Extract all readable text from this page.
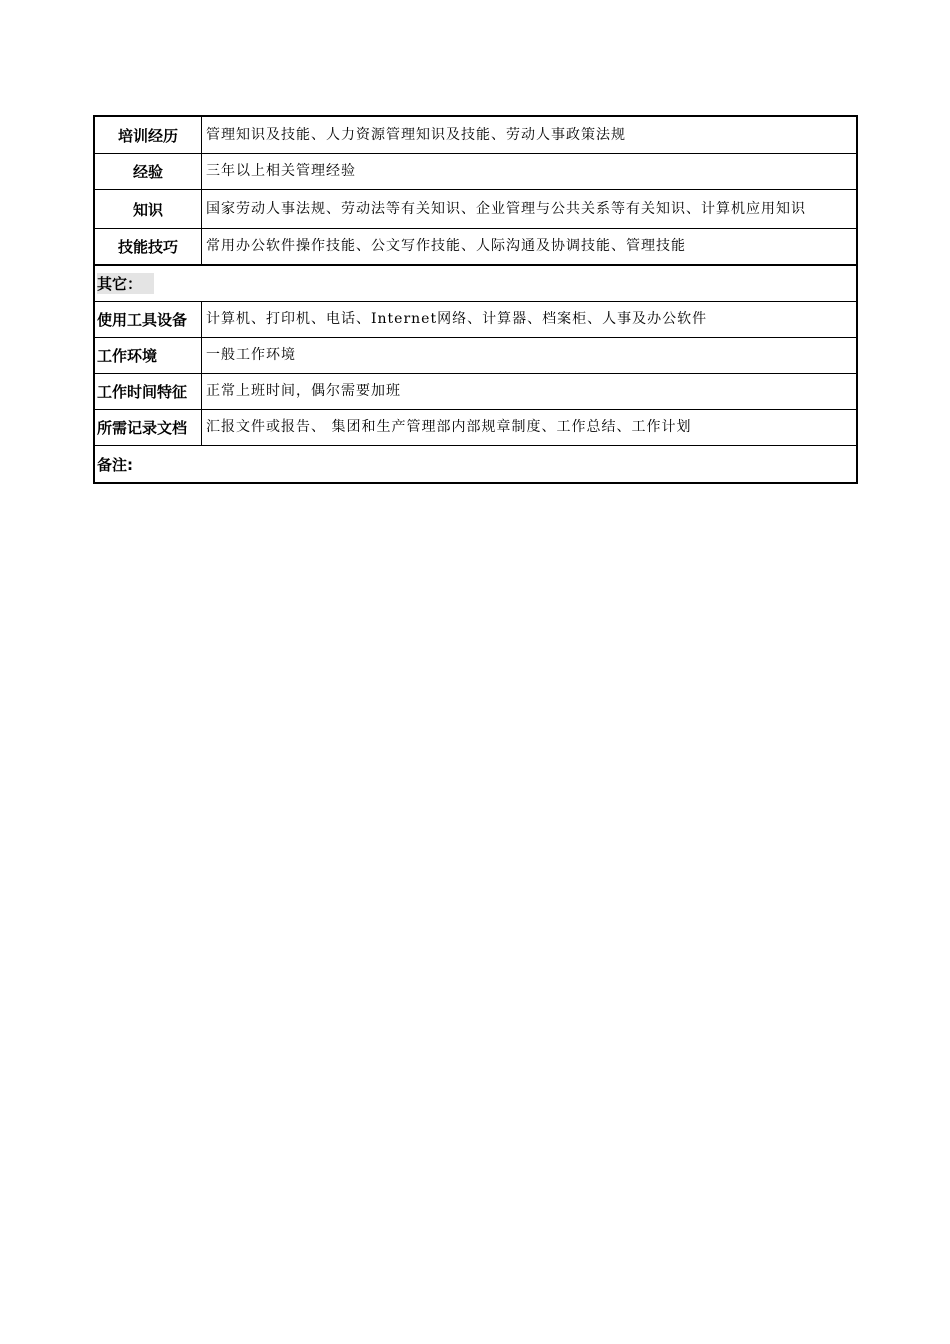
培训经历	管理知识及技能、人力资源管理知识及技能、劳动人事政策法规
经验	三年以上相关管理经验
知识	国家劳动人事法规、劳动法等有关知识、企业管理与公共关系等有关知识、计算机应用知识
技能技巧	常用办公软件操作技能、公文写作技能、人际沟通及协调技能、管理技能
其它：
使用工具设备	计算机、打印机、电话、Internet网络、计算器、档案柜、人事及办公软件
工作环境	一般工作环境
工作时间特征	正常上班时间，偶尔需要加班
所需记录文档	汇报文件或报告、 集团和生产管理部内部规章制度、工作总结、工作计划
备注:
